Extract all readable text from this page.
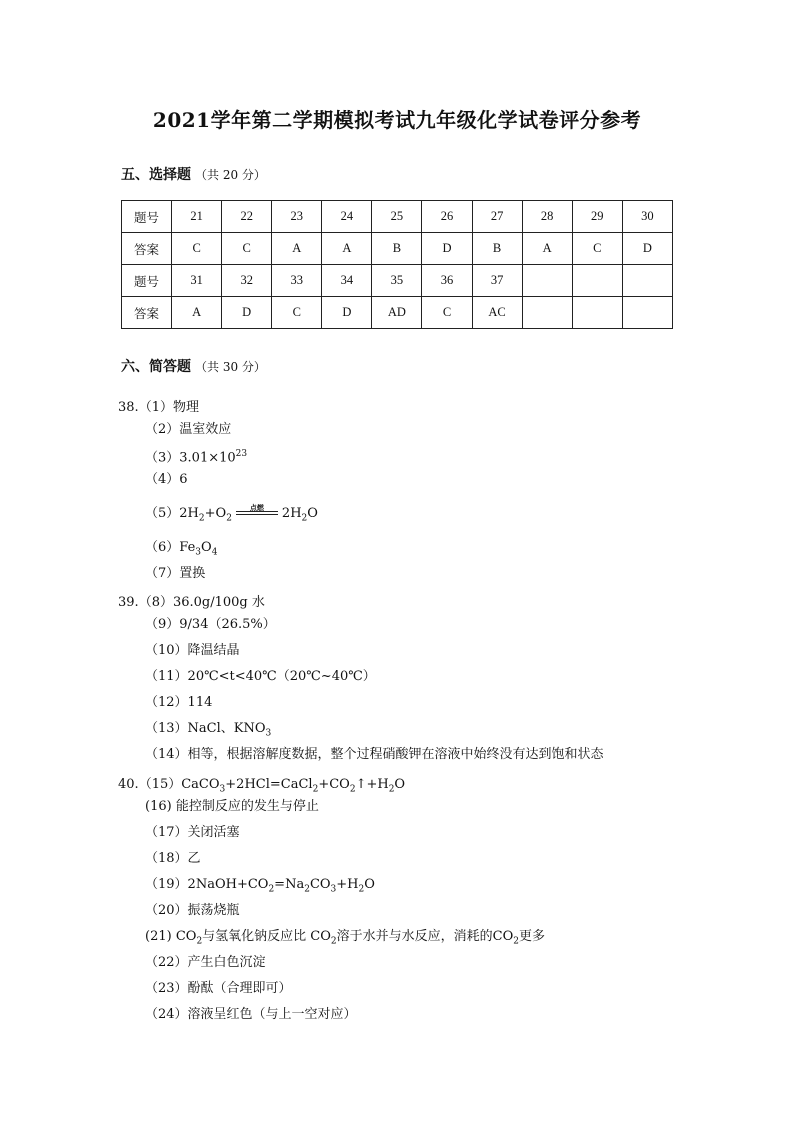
2021学年第二学期模拟考试九年级化学试卷评分参考
五、选择题 （共 20 分）
题号	21	22	23	24	25	26	27	28	29	30
答案	C	C	A	A	B	D	B	A	C	D
题号	31	32	33	34	35	36	37			
答案	A	D	C	D	AD	C	AC			
六、简答题 （共 30 分）
38.（1）物理
（2）温室效应
$(3)3.01\times 10^{23}$
（4）6
$(5)2H_2+O_2$
点燃	$2H_2O$
$(6)Fe_3O_4$
（7）置换
39.（8）36.0g/100g 水
（9）9/34（26.5%）
（10）降温结晶
（11）20℃<t<40℃（20℃~40℃）
（12）114
（13）NaCl、$KNO_3$
（14）相等，根据溶解度数据，整个过程硝酸钾在溶液中始终没有达到饱和状态
$40.(15)CaCO_3+2HCl=CaCl_2+CO_2↑+H_2O$
(16) 能控制反应的发生与停止
（17）关闭活塞
（18）乙
$(19)2NaOH+CO_2=Na_2CO_3+H_2O$
（20）振荡烧瓶
(21) $CO_2$与氢氧化钠反应比 $CO_2$溶于水并与水反应，消耗的$CO_2$更多
（22）产生白色沉淀
（23）酚酞（合理即可）
（24）溶液呈红色（与上一空对应）
